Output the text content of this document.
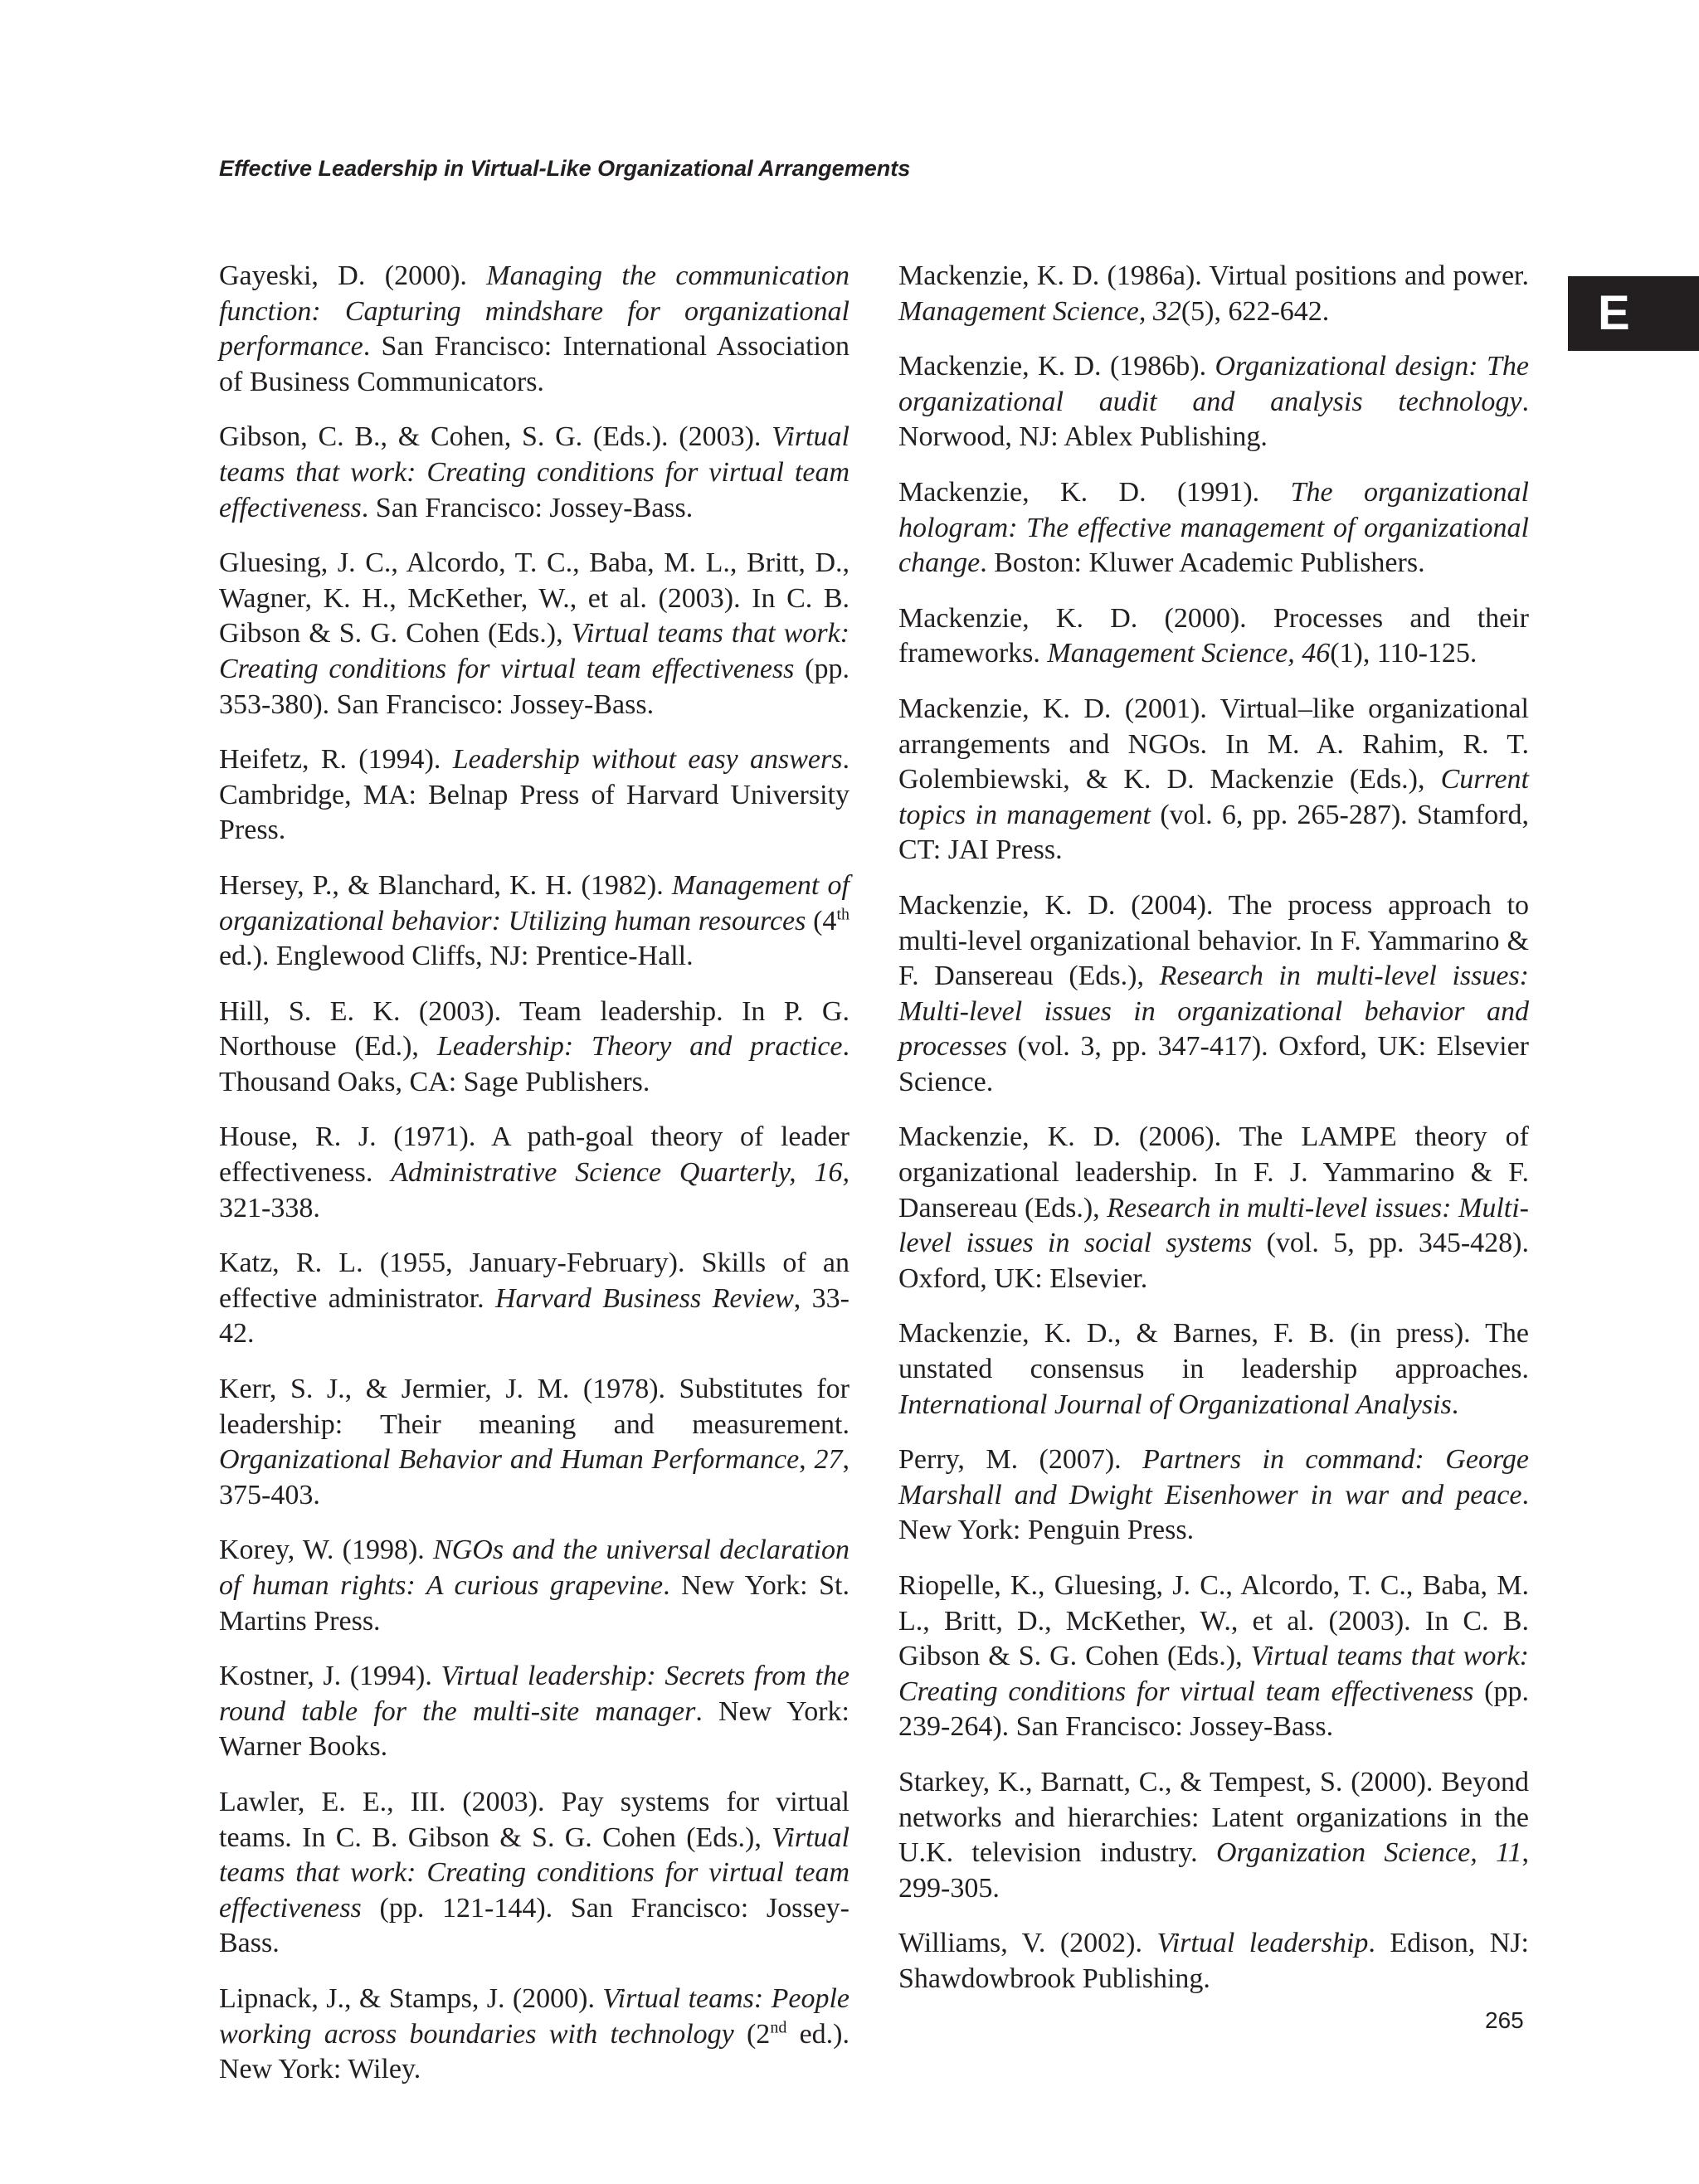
Effective Leadership in Virtual-Like Organizational Arrangements
E

Gayeski, D. (2000). Managing the communication function: Capturing mindshare for organizational performance. San Francisco: International Association of Business Communicators.

Gibson, C. B., & Cohen, S. G. (Eds.). (2003). Virtual teams that work: Creating conditions for virtual team effectiveness. San Francisco: Jossey-Bass.

Gluesing, J. C., Alcordo, T. C., Baba, M. L., Britt, D., Wagner, K. H., McKether, W., et al. (2003). In C. B. Gibson & S. G. Cohen (Eds.), Virtual teams that work: Creating conditions for virtual team effectiveness (pp. 353-380). San Francisco: Jossey-Bass.

Heifetz, R. (1994). Leadership without easy answers. Cambridge, MA: Belnap Press of Harvard University Press.

Hersey, P., & Blanchard, K. H. (1982). Management of organizational behavior: Utilizing human resources (4th ed.). Englewood Cliffs, NJ: Prentice-Hall.

Hill, S. E. K. (2003). Team leadership. In P. G. Northouse (Ed.), Leadership: Theory and practice. Thousand Oaks, CA: Sage Publishers.

House, R. J. (1971). A path-goal theory of leader effectiveness. Administrative Science Quarterly, 16, 321-338.

Katz, R. L. (1955, January-February). Skills of an effective administrator. Harvard Business Review, 33-42.

Kerr, S. J., & Jermier, J. M. (1978). Substitutes for leadership: Their meaning and measurement. Organizational Behavior and Human Performance, 27, 375-403.

Korey, W. (1998). NGOs and the universal declaration of human rights: A curious grapevine. New York: St. Martins Press.

Kostner, J. (1994). Virtual leadership: Secrets from the round table for the multi-site manager. New York: Warner Books.

Lawler, E. E., III. (2003). Pay systems for virtual teams. In C. B. Gibson & S. G. Cohen (Eds.), Virtual teams that work: Creating conditions for virtual team effectiveness (pp. 121-144). San Francisco: Jossey-Bass.

Lipnack, J., & Stamps, J. (2000). Virtual teams: People working across boundaries with technology (2nd ed.). New York: Wiley.

Mackenzie, K. D. (1986a). Virtual positions and power. Management Science, 32(5), 622-642.

Mackenzie, K. D. (1986b). Organizational design: The organizational audit and analysis technology. Norwood, NJ: Ablex Publishing.

Mackenzie, K. D. (1991). The organizational hologram: The effective management of organizational change. Boston: Kluwer Academic Publishers.

Mackenzie, K. D. (2000). Processes and their frameworks. Management Science, 46(1), 110-125.

Mackenzie, K. D. (2001). Virtual–like organizational arrangements and NGOs. In M. A. Rahim, R. T. Golembiewski, & K. D. Mackenzie (Eds.), Current topics in management (vol. 6, pp. 265-287). Stamford, CT: JAI Press.

Mackenzie, K. D. (2004). The process approach to multi-level organizational behavior. In F. Yammarino & F. Dansereau (Eds.), Research in multi-level issues: Multi-level issues in organizational behavior and processes (vol. 3, pp. 347-417). Oxford, UK: Elsevier Science.

Mackenzie, K. D. (2006). The LAMPE theory of organizational leadership. In F. J. Yammarino & F. Dansereau (Eds.), Research in multi-level issues: Multi-level issues in social systems (vol. 5, pp. 345-428). Oxford, UK: Elsevier.

Mackenzie, K. D., & Barnes, F. B. (in press). The unstated consensus in leadership approaches. International Journal of Organizational Analysis.

Perry, M. (2007). Partners in command: George Marshall and Dwight Eisenhower in war and peace. New York: Penguin Press.

Riopelle, K., Gluesing, J. C., Alcordo, T. C., Baba, M. L., Britt, D., McKether, W., et al. (2003). In C. B. Gibson & S. G. Cohen (Eds.), Virtual teams that work: Creating conditions for virtual team effectiveness (pp. 239-264). San Francisco: Jossey-Bass.

Starkey, K., Barnatt, C., & Tempest, S. (2000). Beyond networks and hierarchies: Latent organizations in the U.K. television industry. Organization Science, 11, 299-305.

Williams, V. (2002). Virtual leadership. Edison, NJ: Shawdowbrook Publishing.

265
